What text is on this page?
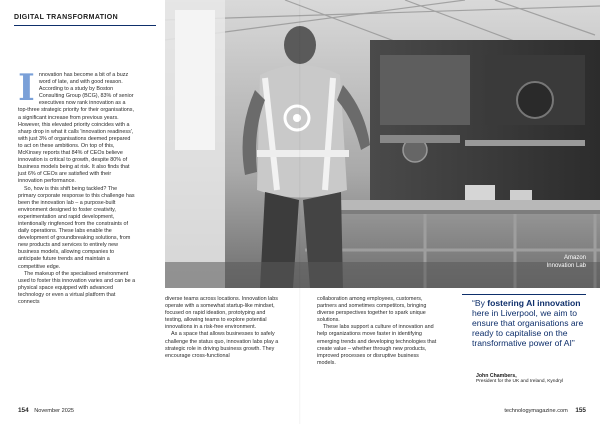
DIGITAL TRANSFORMATION
Amazon
Innovation Lab

Innovation has become a bit of a buzz word of late, and with good reason. According to a study by Boston Consulting Group (BCG), 83% of senior executives now rank innovation as a top-three strategic priority for their organisations, a significant increase from previous years. However, this elevated priority coincides with a sharp drop in what it calls 'innovation readiness', with just 3% of organisations deemed prepared to act on these ambitions. On top of this, McKinsey reports that 84% of CEOs believe innovation is critical to growth, despite 80% of business models being at risk. It also finds that just 6% of CEOs are satisfied with their innovation performance.

So, how is this shift being tackled? The primary corporate response to this challenge has been the innovation lab – a purpose-built environment designed to foster creativity, experimentation and rapid development, intentionally ringfenced from the constraints of daily operations. These labs enable the development of groundbreaking solutions, from new products and services to entirely new business models, allowing companies to anticipate future trends and maintain a competitive edge.

The makeup of the specialised environment used to foster this innovation varies and can be a physical space equipped with advanced technology or even a virtual platform that connects	diverse teams across locations. Innovation labs operate with a somewhat startup-like mindset, focused on rapid ideation, prototyping and testing, allowing teams to explore potential innovations in a risk-free environment.

As a space that allows businesses to safely challenge the status quo, innovation labs play a strategic role in driving business growth. They encourage cross-functional

collaboration among employees, customers, partners and sometimes competitors, bringing diverse perspectives together to spark unique solutions.

These labs support a culture of innovation and help organizations move faster in identifying emerging trends and developing technologies that create value – whether through new products, improved processes or disruptive business models.

“By fostering AI innovation here in Liverpool, we aim to ensure that organisations are ready to capitalise on the transformative power of AI”
John Chambers,
President for the UK and Ireland, Kyndryl
154 November 2025	technologymagazine.com 155
